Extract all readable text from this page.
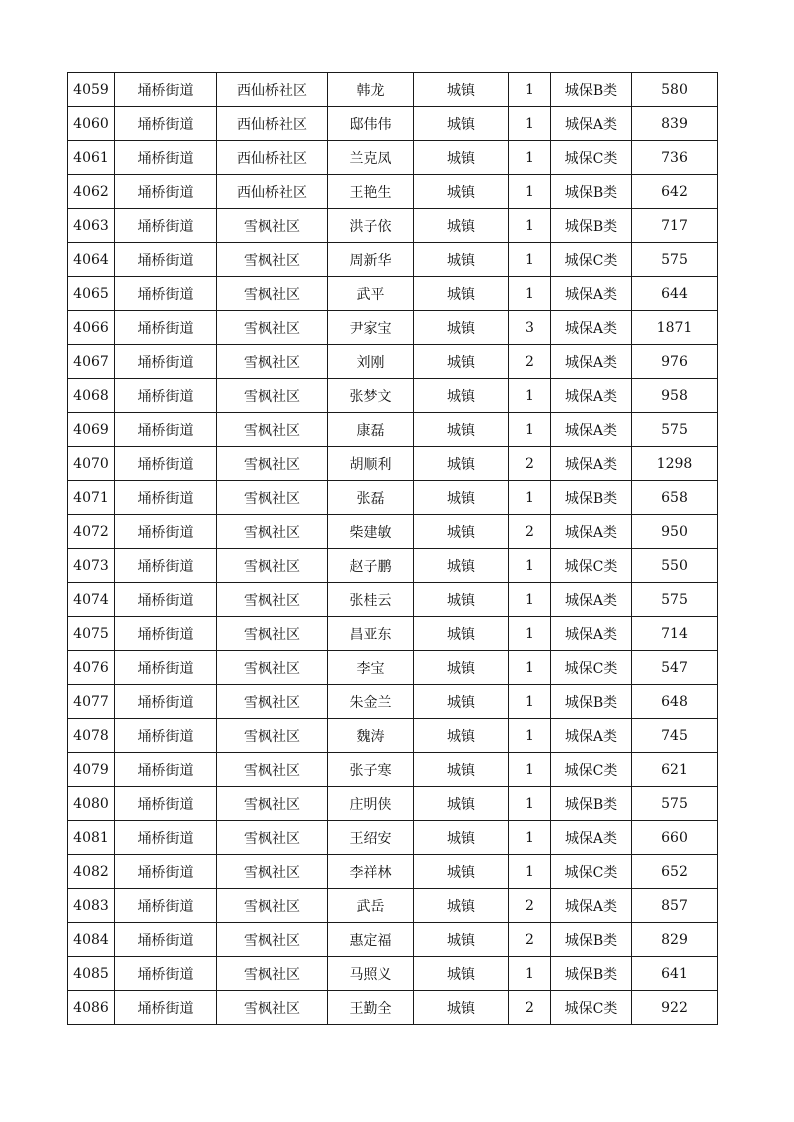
4059	埇桥街道	西仙桥社区	韩龙	城镇	1	城保B类	580
4060	埇桥街道	西仙桥社区	邸伟伟	城镇	1	城保A类	839
4061	埇桥街道	西仙桥社区	兰克凤	城镇	1	城保C类	736
4062	埇桥街道	西仙桥社区	王艳生	城镇	1	城保B类	642
4063	埇桥街道	雪枫社区	洪子依	城镇	1	城保B类	717
4064	埇桥街道	雪枫社区	周新华	城镇	1	城保C类	575
4065	埇桥街道	雪枫社区	武平	城镇	1	城保A类	644
4066	埇桥街道	雪枫社区	尹家宝	城镇	3	城保A类	1871
4067	埇桥街道	雪枫社区	刘刚	城镇	2	城保A类	976
4068	埇桥街道	雪枫社区	张梦文	城镇	1	城保A类	958
4069	埇桥街道	雪枫社区	康磊	城镇	1	城保A类	575
4070	埇桥街道	雪枫社区	胡顺利	城镇	2	城保A类	1298
4071	埇桥街道	雪枫社区	张磊	城镇	1	城保B类	658
4072	埇桥街道	雪枫社区	柴建敏	城镇	2	城保A类	950
4073	埇桥街道	雪枫社区	赵子鹏	城镇	1	城保C类	550
4074	埇桥街道	雪枫社区	张桂云	城镇	1	城保A类	575
4075	埇桥街道	雪枫社区	昌亚东	城镇	1	城保A类	714
4076	埇桥街道	雪枫社区	李宝	城镇	1	城保C类	547
4077	埇桥街道	雪枫社区	朱金兰	城镇	1	城保B类	648
4078	埇桥街道	雪枫社区	魏涛	城镇	1	城保A类	745
4079	埇桥街道	雪枫社区	张子寒	城镇	1	城保C类	621
4080	埇桥街道	雪枫社区	庄明侠	城镇	1	城保B类	575
4081	埇桥街道	雪枫社区	王绍安	城镇	1	城保A类	660
4082	埇桥街道	雪枫社区	李祥林	城镇	1	城保C类	652
4083	埇桥街道	雪枫社区	武岳	城镇	2	城保A类	857
4084	埇桥街道	雪枫社区	惠定福	城镇	2	城保B类	829
4085	埇桥街道	雪枫社区	马照义	城镇	1	城保B类	641
4086	埇桥街道	雪枫社区	王勤全	城镇	2	城保C类	922
